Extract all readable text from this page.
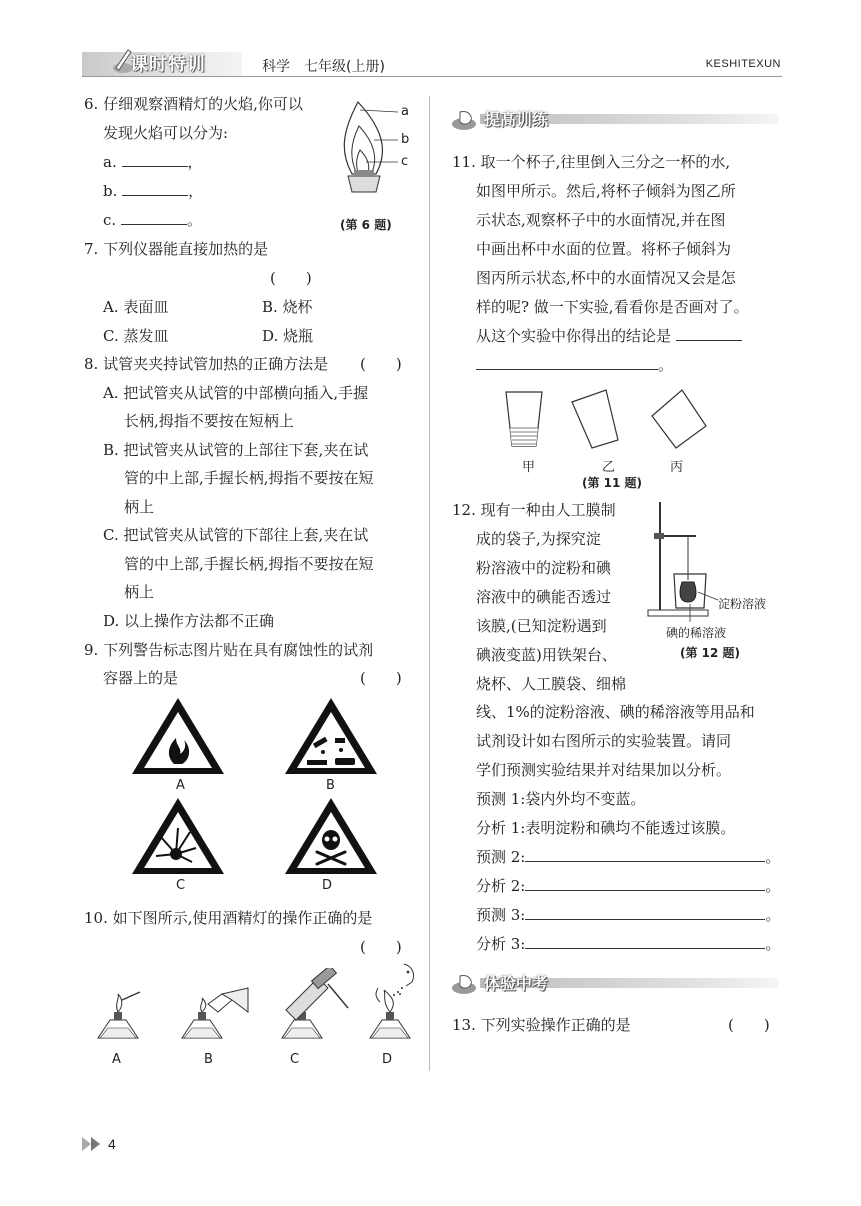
课时特训	科学 七年级(上册)	KESHITEXUN
6. 仔细观察酒精灯的火焰,你可以
发现火焰可以分为:
a.	，
b.	，
c.	。
a
b
c
(第 6 题)
7. 下列仪器能直接加热的是
(　　)
A. 表面皿	B. 烧杯
C. 蒸发皿	D. 烧瓶
8. 试管夹夹持试管加热的正确方法是 (　　)
A. 把试管夹从试管的中部横向插入,手握
长柄,拇指不要按在短柄上
B. 把试管夹从试管的上部往下套,夹在试
管的中上部,手握长柄,拇指不要按在短
柄上
C. 把试管夹从试管的下部往上套,夹在试
管的中上部,手握长柄,拇指不要按在短
柄上
D. 以上操作方法都不正确
9. 下列警告标志图片贴在具有腐蚀性的试剂
容器上的是	(　　)
A	B
C	D
10. 如下图所示,使用酒精灯的操作正确的是
(　　)
A	B	C	D
提高训练
11. 取一个杯子,往里倒入三分之一杯的水,
如图甲所示。然后,将杯子倾斜为图乙所
示状态,观察杯子中的水面情况,并在图
中画出杯中水面的位置。将杯子倾斜为
图丙所示状态,杯中的水面情况又会是怎
样的呢? 做一下实验,看看你是否画对了。
从这个实验中你得出的结论是
。
甲	乙	丙
(第 11 题)
12. 现有一种由人工膜制
成的袋子,为探究淀
粉溶液中的淀粉和碘
溶液中的碘能否透过
该膜,(已知淀粉遇到
碘液变蓝)用铁架台、
烧杯、人工膜袋、细棉
淀粉溶液
碘的稀溶液
(第 12 题)
线、1%的淀粉溶液、碘的稀溶液等用品和
试剂设计如右图所示的实验装置。请同
学们预测实验结果并对结果加以分析。
预测 1:袋内外均不变蓝。
分析 1:表明淀粉和碘均不能透过该膜。
预测 2:	。
分析 2:	。
预测 3:	。
分析 3:	。
体验中考
13. 下列实验操作正确的是	(　　)
4
